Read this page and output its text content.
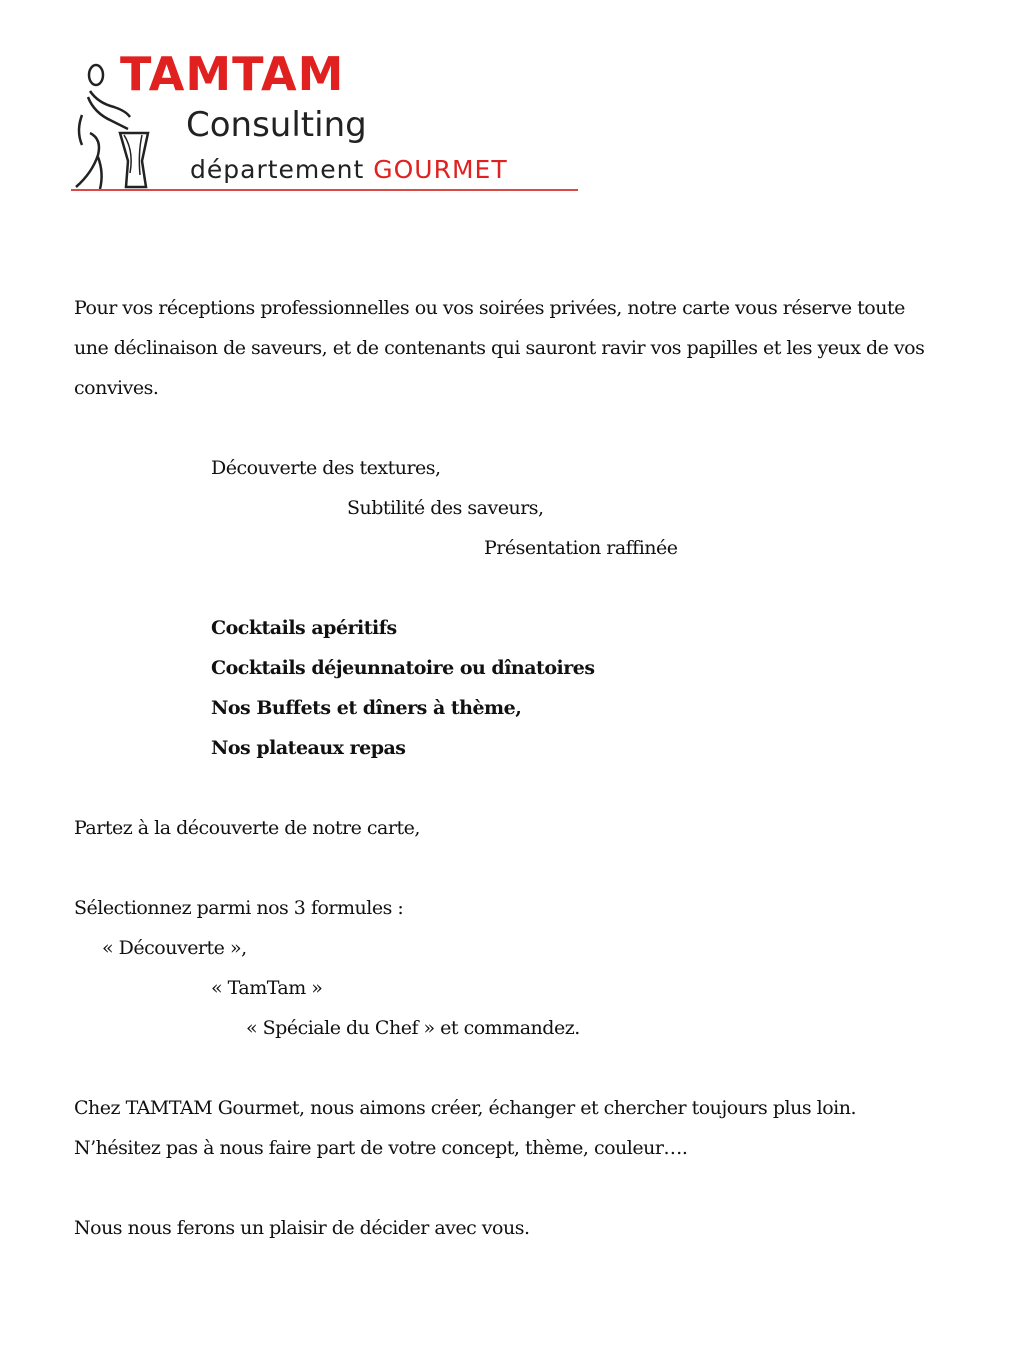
TAMTAM
Consulting
département GOURMET
Pour vos réceptions professionnelles ou vos soirées privées, notre carte vous réserve toute
une déclinaison de saveurs, et de contenants qui sauront ravir vos papilles et les yeux de vos
convives.
Découverte des textures,
Subtilité des saveurs,
Présentation raffinée
Cocktails apéritifs
Cocktails déjeunnatoire ou dînatoires
Nos Buffets et dîners à thème,
Nos plateaux repas
Partez à la découverte de notre carte,
Sélectionnez parmi nos 3 formules :
« Découverte »,
« TamTam »
« Spéciale du Chef » et commandez.
Chez TAMTAM Gourmet, nous aimons créer, échanger et chercher toujours plus loin.
N’hésitez pas à nous faire part de votre concept, thème, couleur….
Nous nous ferons un plaisir de décider avec vous.
